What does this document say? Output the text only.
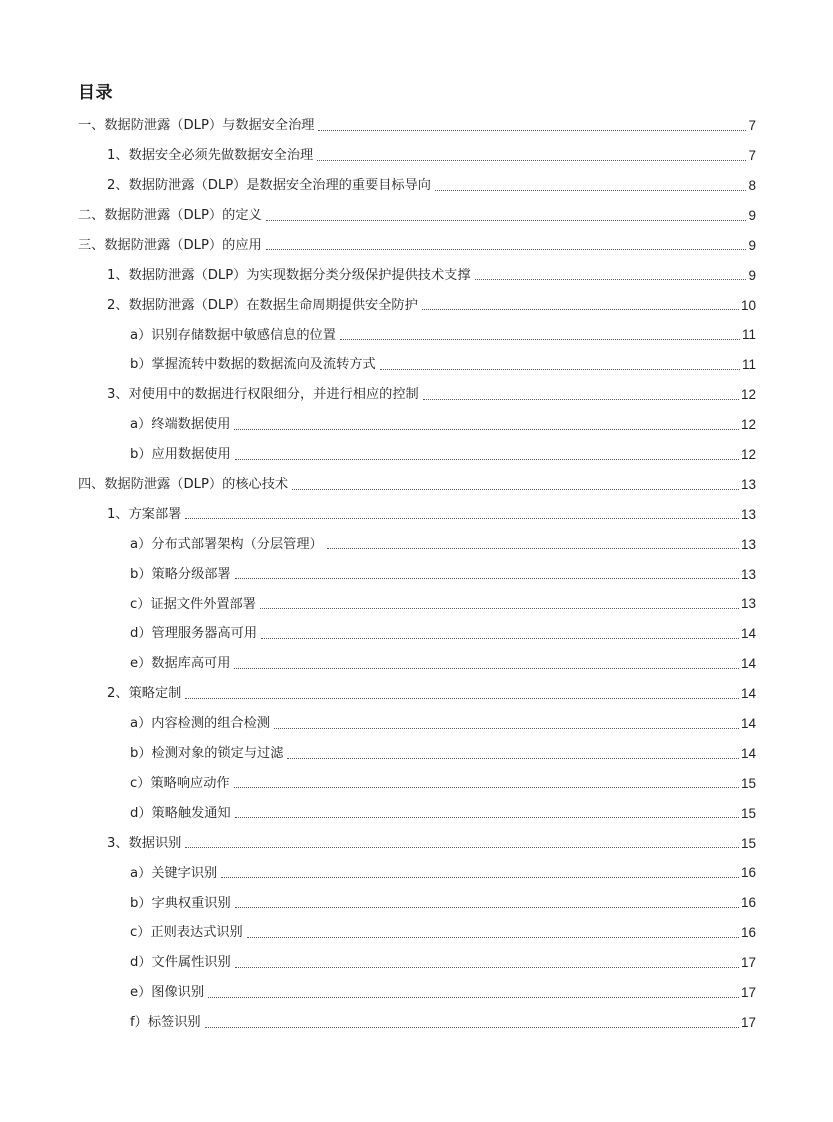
目录
一、数据防泄露（DLP）与数据安全治理	7
1、数据安全必须先做数据安全治理	7
2、数据防泄露（DLP）是数据安全治理的重要目标导向	8
二、数据防泄露（DLP）的定义	9
三、数据防泄露（DLP）的应用	9
1、数据防泄露（DLP）为实现数据分类分级保护提供技术支撑	9
2、数据防泄露（DLP）在数据生命周期提供安全防护	10
a）识别存储数据中敏感信息的位置	11
b）掌握流转中数据的数据流向及流转方式	11
3、对使用中的数据进行权限细分，并进行相应的控制	12
a）终端数据使用	12
b）应用数据使用	12
四、数据防泄露（DLP）的核心技术	13
1、方案部署	13
a）分布式部署架构（分层管理）	13
b）策略分级部署	13
c）证据文件外置部署	13
d）管理服务器高可用	14
e）数据库高可用	14
2、策略定制	14
a）内容检测的组合检测	14
b）检测对象的锁定与过滤	14
c）策略响应动作	15
d）策略触发通知	15
3、数据识别	15
a）关键字识别	16
b）字典权重识别	16
c）正则表达式识别	16
d）文件属性识别	17
e）图像识别	17
f）标签识别	17
